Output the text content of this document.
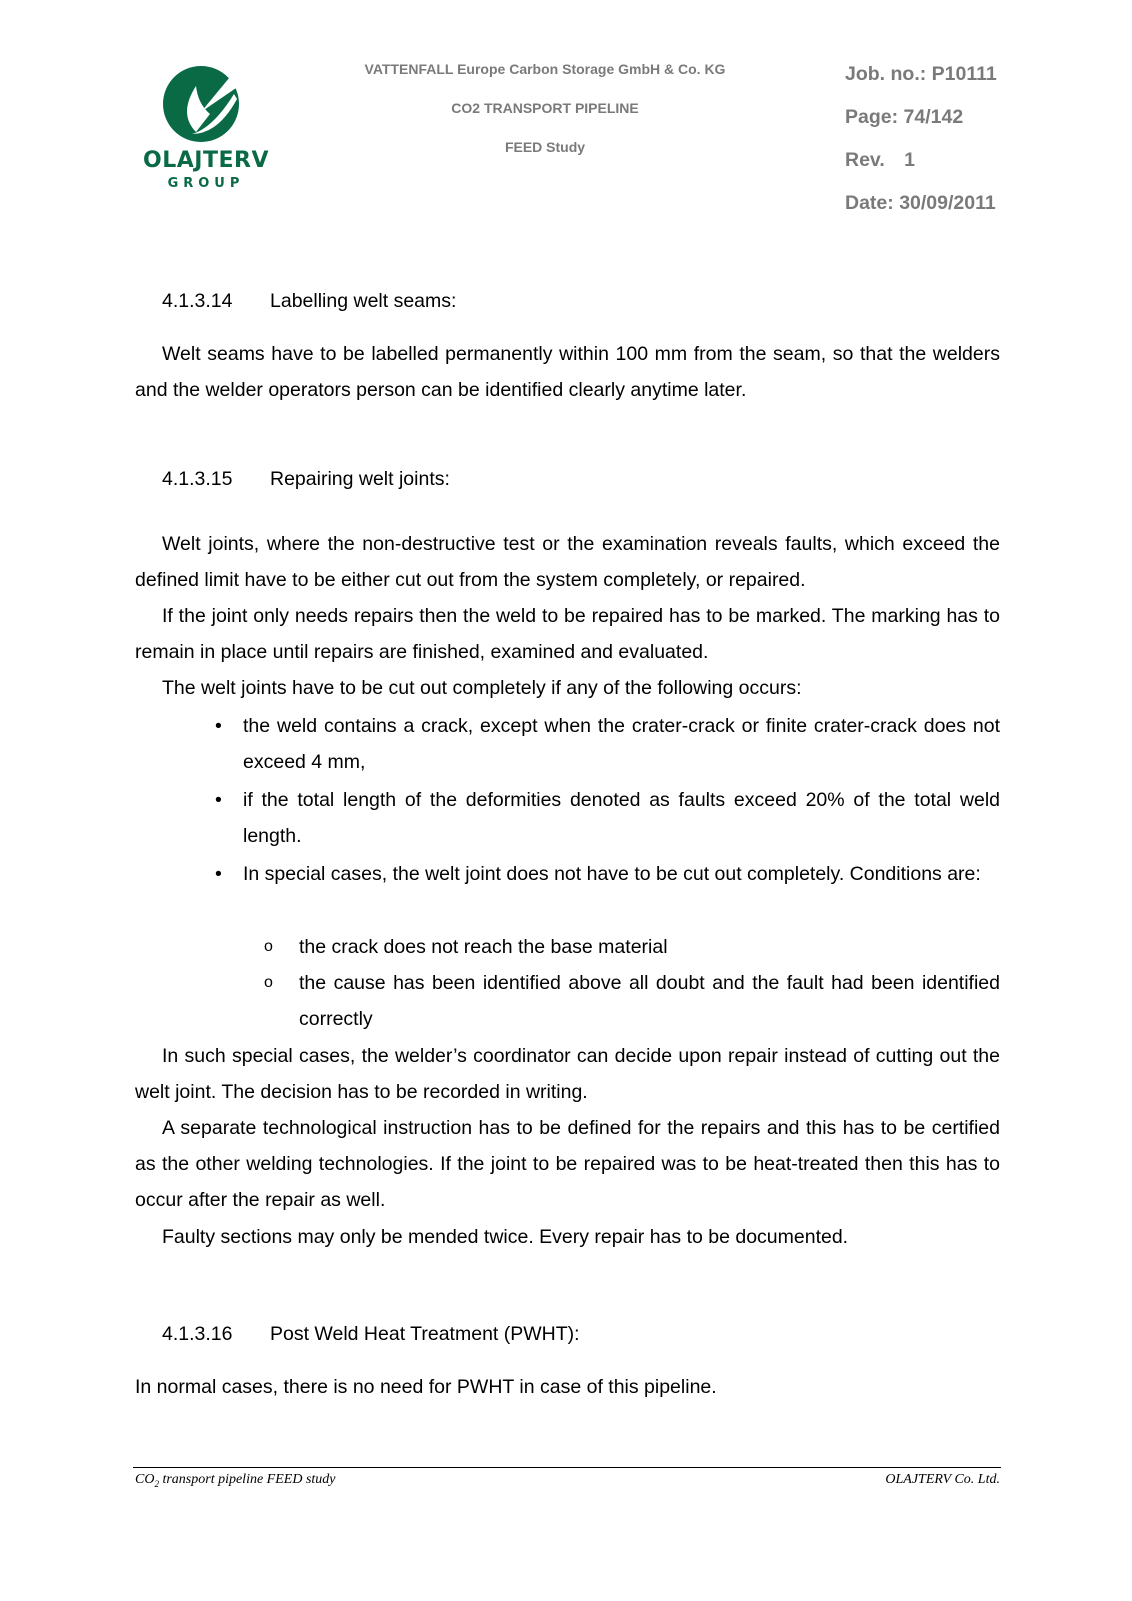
OLAJTERV
GROUP
VATTENFALL Europe Carbon Storage GmbH & Co. KG
CO2 TRANSPORT PIPELINE
FEED Study
Job. no.: P10111
Page: 74/142
Rev. 1
Date: 30/09/2011
4.1.3.14 Labelling welt seams:
Welt seams have to be labelled permanently within 100 mm from the seam, so that the welders and the welder operators person can be identified clearly anytime later.
4.1.3.15 Repairing welt joints:
Welt joints, where the non-destructive test or the examination reveals faults, which exceed the defined limit have to be either cut out from the system completely, or repaired.
If the joint only needs repairs then the weld to be repaired has to be marked. The marking has to remain in place until repairs are finished, examined and evaluated.
The welt joints have to be cut out completely if any of the following occurs:
• the weld contains a crack, except when the crater-crack or finite crater-crack does not exceed 4 mm,
• if the total length of the deformities denoted as faults exceed 20% of the total weld length.
• In special cases, the welt joint does not have to be cut out completely. Conditions are:
o the crack does not reach the base material
o the cause has been identified above all doubt and the fault had been identified correctly
In such special cases, the welder’s coordinator can decide upon repair instead of cutting out the welt joint. The decision has to be recorded in writing.
A separate technological instruction has to be defined for the repairs and this has to be certified as the other welding technologies. If the joint to be repaired was to be heat-treated then this has to occur after the repair as well.
Faulty sections may only be mended twice. Every repair has to be documented.
4.1.3.16 Post Weld Heat Treatment (PWHT):
In normal cases, there is no need for PWHT in case of this pipeline.
$CO_2$ transport pipeline FEED study	OLAJTERV Co. Ltd.
